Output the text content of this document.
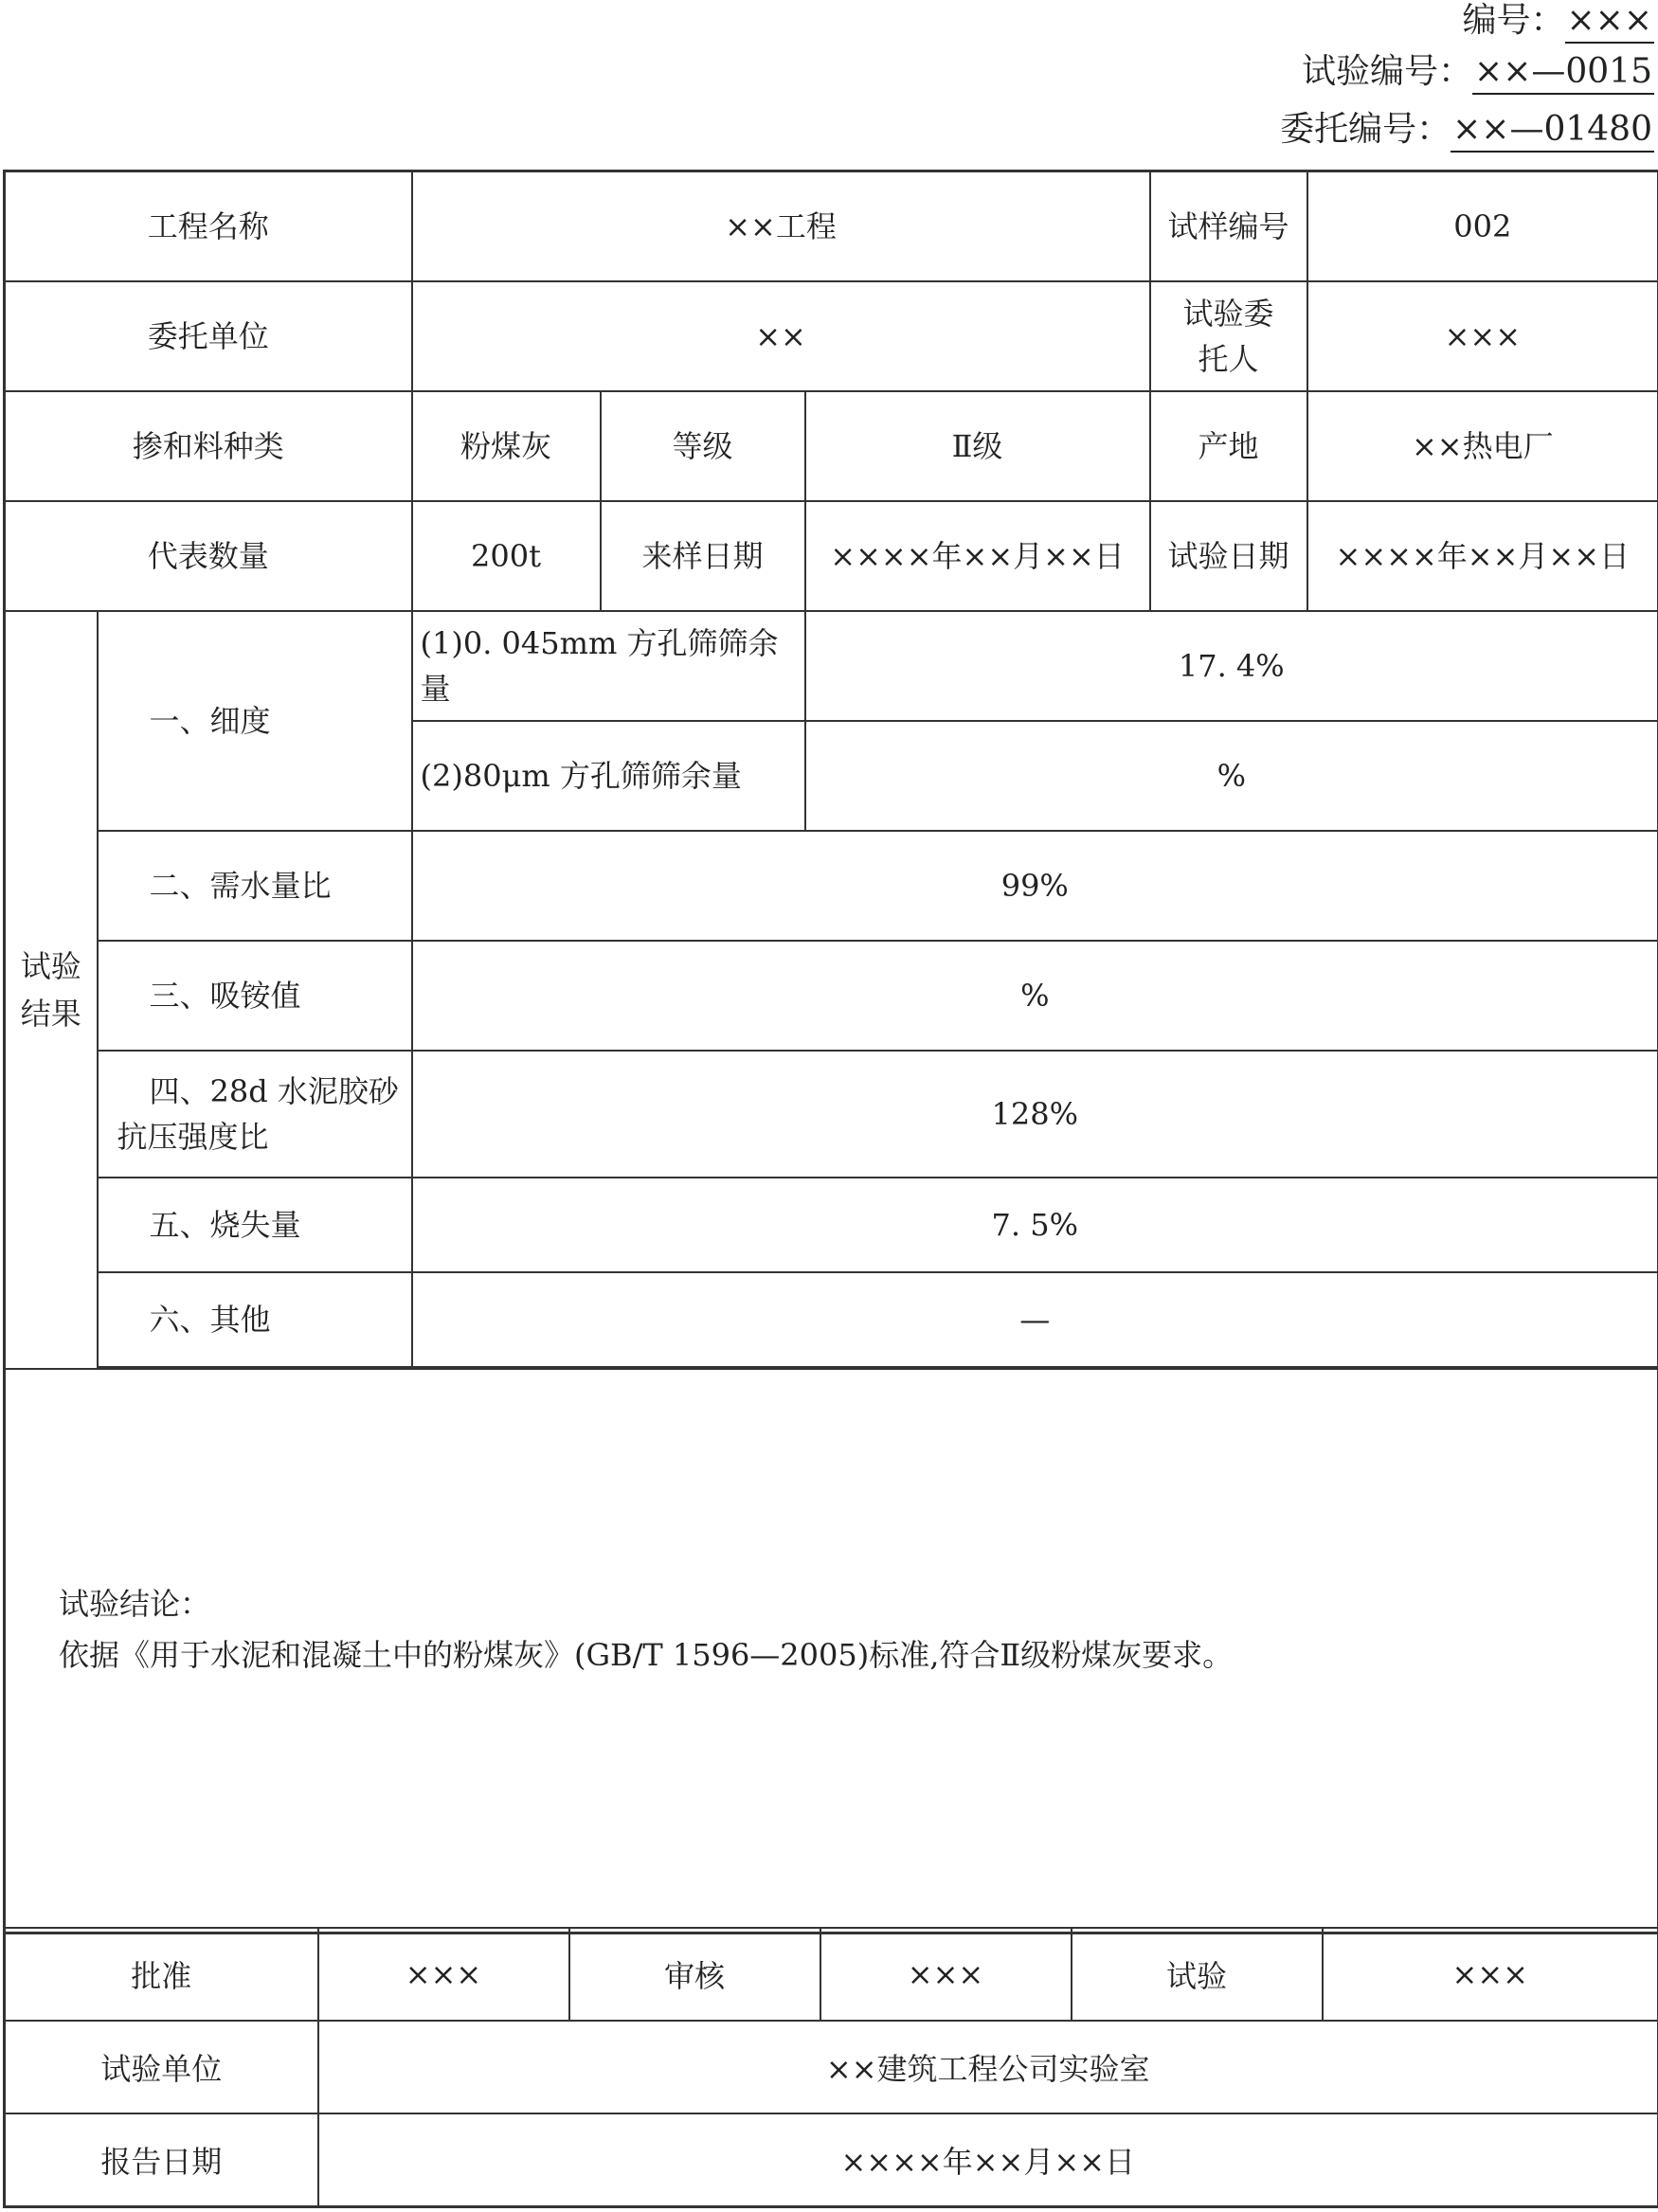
编号：×××
试验编号：××—0015
委托编号：××—01480
工程名称		××工程			试样编号	002
委托单位		××			试验委托人	×××
掺和料种类		粉煤灰	等级	Ⅱ级	产地	××热电厂
代表数量		200t	来样日期	××××年××月××日	试验日期	××××年××月××日
试验结果	一、细度	(1)0. 045mm 方孔筛筛余量		17. 4%		
		(2)80μm 方孔筛筛余量		%		
	二、需水量比	99%				
	三、吸铵值	%				
	四、28d 水泥胶砂
抗压强度比	128%				
	五、烧失量	7. 5%				
	六、其他	—				

试验结论：
依据《用于水泥和混凝土中的粉煤灰》(GB/T 1596—2005)标准,符合Ⅱ级粉煤灰要求。						
批准	×××	审核	×××	试验	×××
试验单位	××建筑工程公司实验室				
报告日期	××××年××月××日				
